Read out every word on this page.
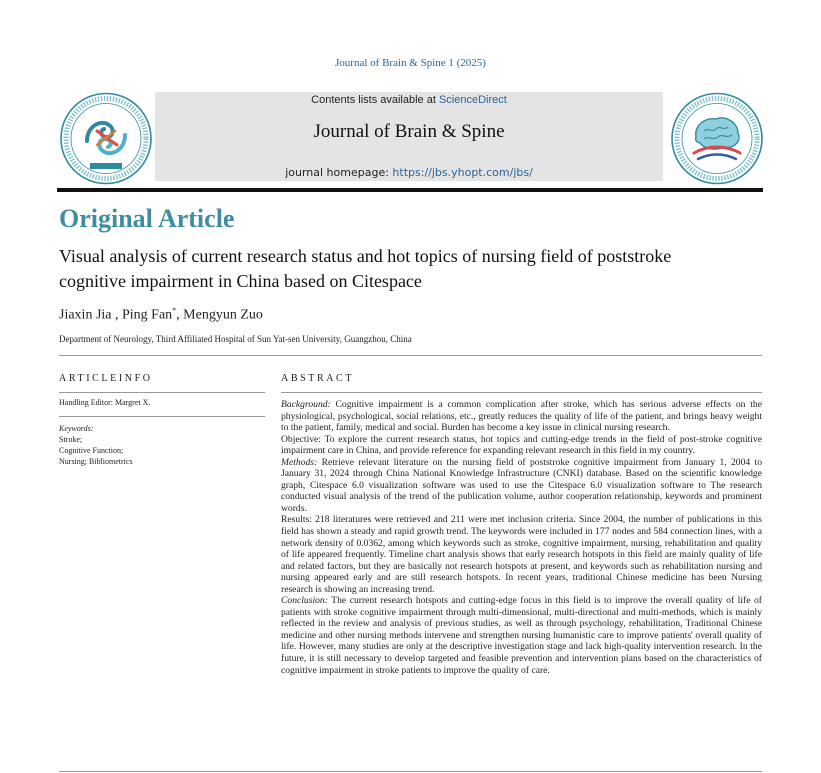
Journal of Brain & Spine 1 (2025)
Contents lists available at ScienceDirect
Journal of Brain & Spine
journal homepage: https://jbs.yhopt.com/jbs/
Original Article
Visual analysis of current research status and hot topics of nursing field of poststroke cognitive impairment in China based on Citespace
Jiaxin Jia , Ping Fan*, Mengyun Zuo
Department of Neurology, Third Affiliated Hospital of Sun Yat-sen University, Guangzhou, China
ARTICLEINFO	ABSTRACT
Handling Editor: Margret X.
Keywords:
Stroke;
Cognitive Function;
Nursing; Bibliometrics

Background: Cognitive impairment is a common complication after stroke, which has serious adverse effects on the physiological, psychological, social relations, etc., greatly reduces the quality of life of the patient, and brings heavy weight to the patient, family, medical and social. Burden has become a key issue in clinical nursing research.

Objective: To explore the current research status, hot topics and cutting-edge trends in the field of post-stroke cognitive impairment care in China, and provide reference for expanding relevant research in this field in my country.

Methods: Retrieve relevant literature on the nursing field of poststroke cognitive impairment from January 1, 2004 to January 31, 2024 through China National Knowledge Infrastructure (CNKI) database. Based on the scientific knowledge graph, Citespace 6.0 visualization software was used to use the Citespace 6.0 visualization software to The research conducted visual analysis of the trend of the publication volume, author cooperation relationship, keywords and prominent words.

Results: 218 literatures were retrieved and 211 were met inclusion criteria. Since 2004, the number of publications in this field has shown a steady and rapid growth trend. The keywords were included in 177 nodes and 584 connection lines, with a network density of 0.0362, among which keywords such as stroke, cognitive impairment, nursing, rehabilitation and quality of life appeared frequently. Timeline chart analysis shows that early research hotspots in this field are mainly quality of life and related factors, but they are basically not research hotspots at present, and keywords such as rehabilitation nursing and nursing appeared early and are still research hotspots. In recent years, traditional Chinese medicine has been Nursing research is showing an increasing trend.

Conclusion: The current research hotspots and cutting-edge focus in this field is to improve the overall quality of life of patients with stroke cognitive impairment through multi-dimensional, multi-directional and multi-methods, which is mainly reflected in the review and analysis of previous studies, as well as through psychology, rehabilitation, Traditional Chinese medicine and other nursing methods intervene and strengthen nursing humanistic care to improve patients' overall quality of life. However, many studies are only at the descriptive investigation stage and lack high-quality intervention research. In the future, it is still necessary to develop targeted and feasible prevention and intervention plans based on the characteristics of cognitive impairment in stroke patients to improve the quality of care.
